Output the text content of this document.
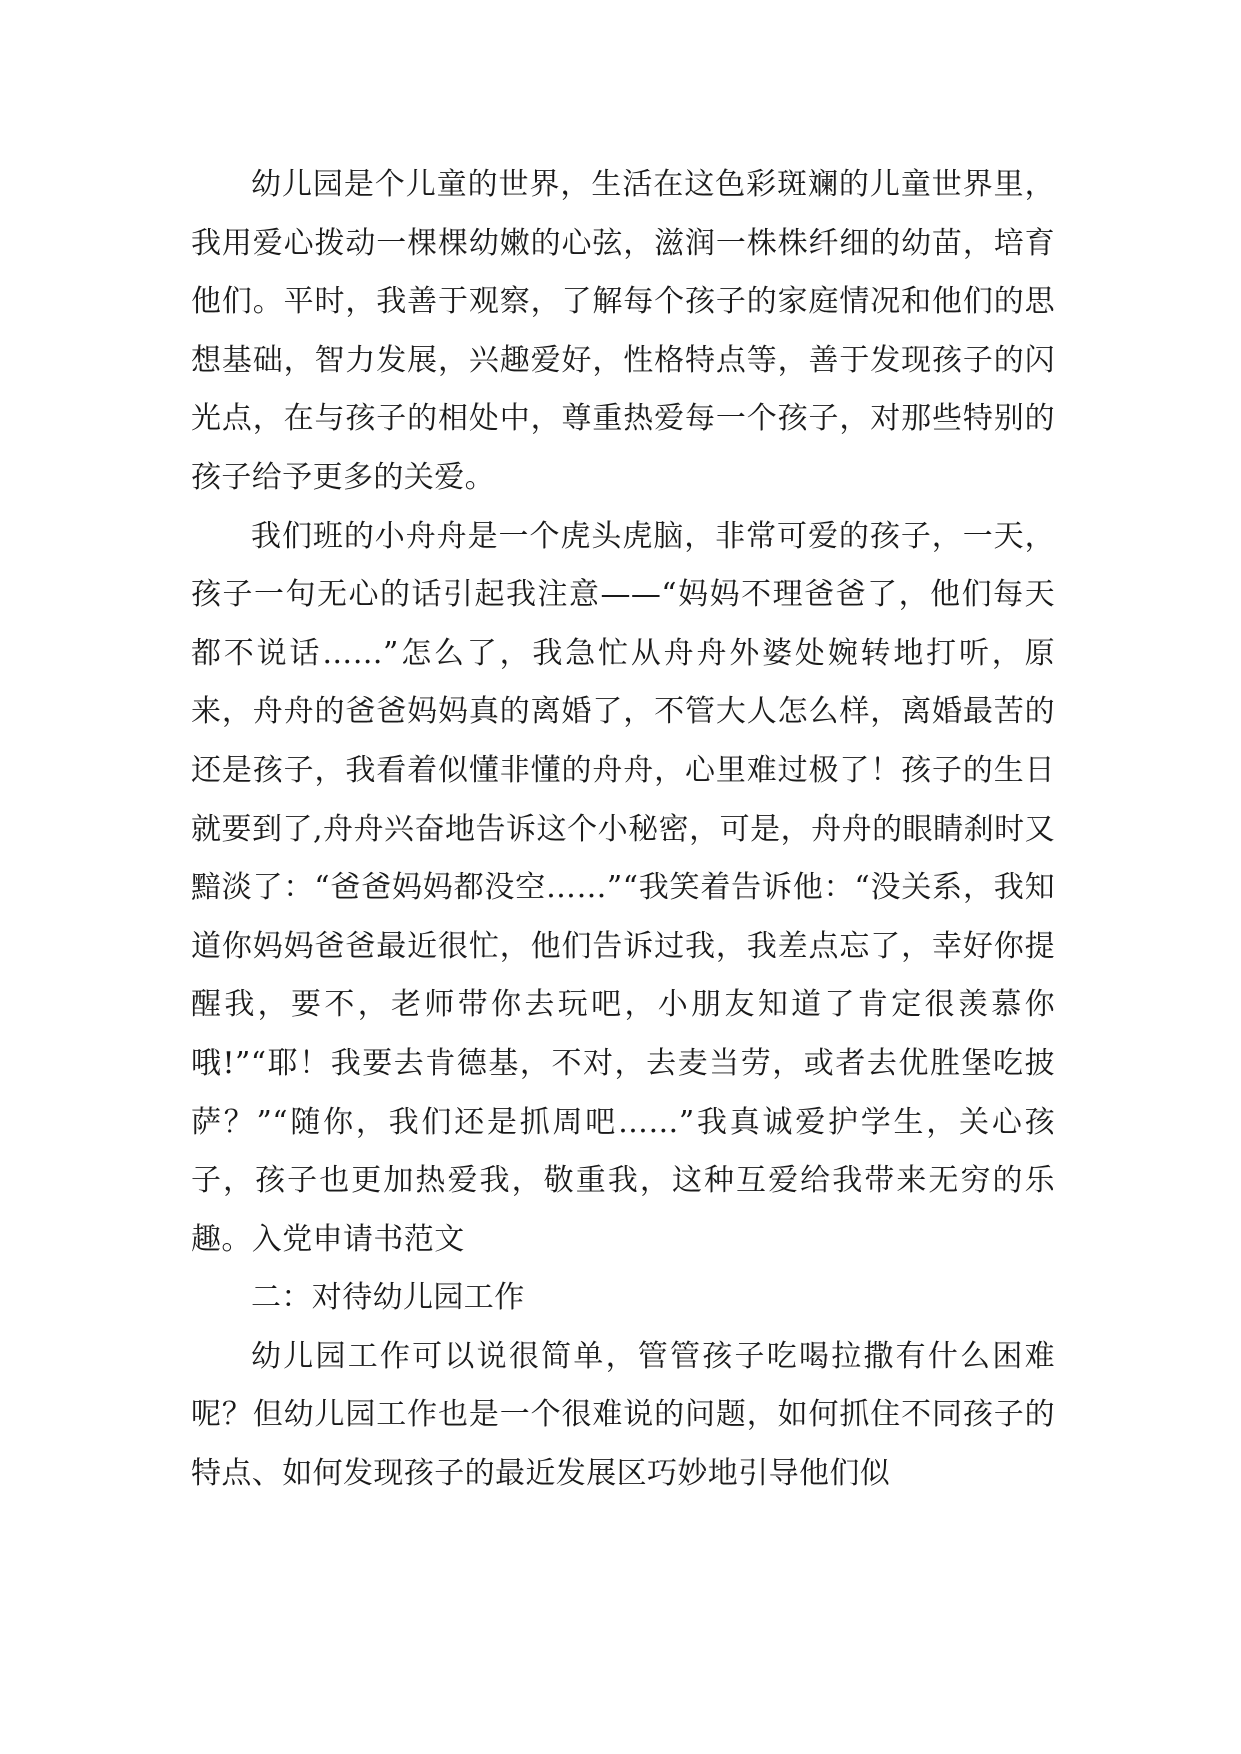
幼儿园是个儿童的世界，生活在这色彩斑斓的儿童世界里，我用爱心拨动一棵棵幼嫩的心弦，滋润一株株纤细的幼苗，培育他们。平时，我善于观察，了解每个孩子的家庭情况和他们的思想基础，智力发展，兴趣爱好，性格特点等，善于发现孩子的闪光点，在与孩子的相处中，尊重热爱每一个孩子，对那些特别的孩子给予更多的关爱。

我们班的小舟舟是一个虎头虎脑，非常可爱的孩子，一天，孩子一句无心的话引起我注意——“妈妈不理爸爸了，他们每天都不说话……”怎么了，我急忙从舟舟外婆处婉转地打听，原来，舟舟的爸爸妈妈真的离婚了，不管大人怎么样，离婚最苦的还是孩子，我看着似懂非懂的舟舟，心里难过极了！孩子的生日就要到了,舟舟兴奋地告诉这个小秘密，可是，舟舟的眼睛刹时又黯淡了：“爸爸妈妈都没空……”“我笑着告诉他：“没关系，我知道你妈妈爸爸最近很忙，他们告诉过我，我差点忘了，幸好你提醒我，要不，老师带你去玩吧，小朋友知道了肯定很羡慕你哦!”“耶！我要去肯德基，不对，去麦当劳，或者去优胜堡吃披萨？”“随你，我们还是抓周吧……”我真诚爱护学生，关心孩子，孩子也更加热爱我，敬重我，这种互爱给我带来无穷的乐趣。入党申请书范文

二：对待幼儿园工作

幼儿园工作可以说很简单，管管孩子吃喝拉撒有什么困难呢？但幼儿园工作也是一个很难说的问题，如何抓住不同孩子的特点、如何发现孩子的最近发展区巧妙地引导他们似
